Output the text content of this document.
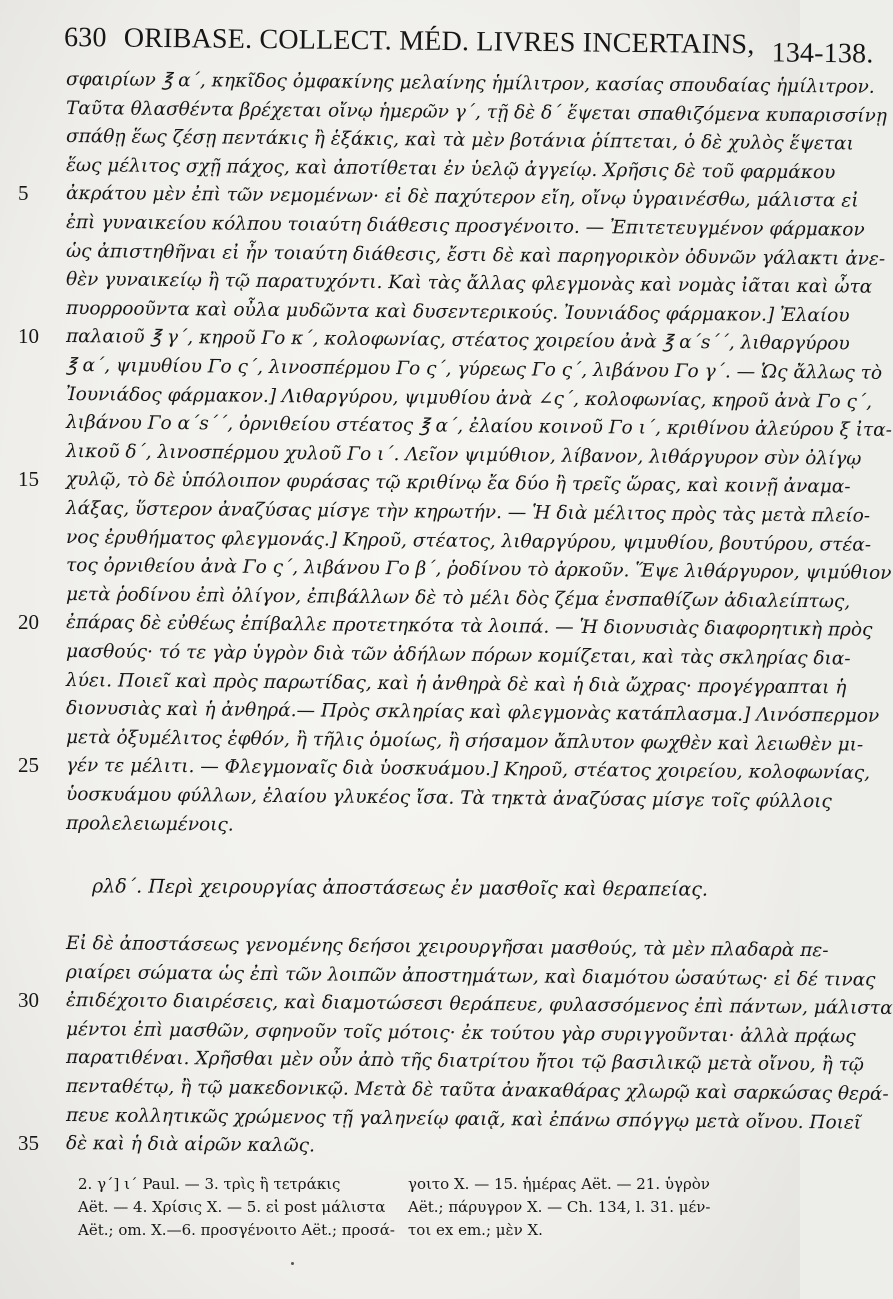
630 ORIBASE. COLLECT. MÉD. LIVRES INCERTAINS, 134-138.
σφαιρίων ℥ α΄, κηκῖδος ὀμφακίνης μελαίνης ἡμίλιτρον, κασίας σπουδαίας ἡμίλιτρον.
Ταῦτα θλασθέντα βρέχεται οἴνῳ ἡμερῶν γ΄, τῇ δὲ δ΄ ἕψεται σπαθιζόμενα κυπαρισσίνῃ
σπάθῃ ἕως ζέσῃ πεντάκις ἢ ἑξάκις, καὶ τὰ μὲν βοτάνια ῥίπτεται, ὁ δὲ χυλὸς ἕψεται
ἕως μέλιτος σχῇ πάχος, καὶ ἀποτίθεται ἐν ὑελῷ ἀγγείῳ. Χρῆσις δὲ τοῦ φαρμάκου
ἀκράτου μὲν ἐπὶ τῶν νεμομένων· εἰ δὲ παχύτερον εἴη, οἴνῳ ὑγραινέσθω, μάλιστα εἰ
5
ἐπὶ γυναικείου κόλπου τοιαύτη διάθεσις προσγένοιτο. — Ἐπιτετευγμένον φάρμακον
ὡς ἀπιστηθῆναι εἰ ἦν τοιαύτη διάθεσις, ἔστι δὲ καὶ παρηγορικὸν ὀδυνῶν γάλακτι ἀνε-
θὲν γυναικείῳ ἢ τῷ παρατυχόντι. Καὶ τὰς ἄλλας φλεγμονὰς καὶ νομὰς ἰᾶται καὶ ὦτα
πυορροοῦντα καὶ οὖλα μυδῶντα καὶ δυσεντερικούς. Ἰουνιάδος φάρμακον.] Ἐλαίου
παλαιοῦ ℥ γ΄, κηροῦ Γο κ΄, κολοφωνίας, στέατος χοιρείου ἀνὰ ℥ α΄s΄΄, λιθαργύρου
10
℥ α΄, ψιμυθίου Γο ς΄, λινοσπέρμου Γο ς΄, γύρεως Γο ς΄, λιβάνου Γο γ΄. — Ὡς ἄλλως τὸ
Ἰουνιάδος φάρμακον.] Λιθαργύρου, ψιμυθίου ἀνὰ ∠ς΄, κολοφωνίας, κηροῦ ἀνὰ Γο ς΄,
λιβάνου Γο α΄s΄΄, ὀρνιθείου στέατος ℥ α΄, ἐλαίου κοινοῦ Γο ι΄, κριθίνου ἀλεύρου ξ ἰτα-
λικοῦ δ΄, λινοσπέρμου χυλοῦ Γο ι΄. Λεῖον ψιμύθιον, λίβανον, λιθάργυρον σὺν ὀλίγῳ
χυλῷ, τὸ δὲ ὑπόλοιπον φυράσας τῷ κριθίνῳ ἔα δύο ἢ τρεῖς ὥρας, καὶ κοινῇ ἀναμα-
15
λάξας, ὕστερον ἀναζύσας μίσγε τὴν κηρωτήν. — Ἡ διὰ μέλιτος πρὸς τὰς μετὰ πλείο-
νος ἐρυθήματος φλεγμονάς.] Κηροῦ, στέατος, λιθαργύρου, ψιμυθίου, βουτύρου, στέα-
τος ὀρνιθείου ἀνὰ Γο ς΄, λιβάνου Γο β΄, ῥοδίνου τὸ ἀρκοῦν. Ἕψε λιθάργυρον, ψιμύθιον
μετὰ ῥοδίνου ἐπὶ ὀλίγον, ἐπιβάλλων δὲ τὸ μέλι δὸς ζέμα ἐνσπαθίζων ἀδιαλείπτως,
ἐπάρας δὲ εὐθέως ἐπίβαλλε προτετηκότα τὰ λοιπά. — Ἡ διονυσιὰς διαφορητικὴ πρὸς
20
μασθούς· τό τε γὰρ ὑγρὸν διὰ τῶν ἀδήλων πόρων κομίζεται, καὶ τὰς σκληρίας δια-
λύει. Ποιεῖ καὶ πρὸς παρωτίδας, καὶ ἡ ἀνθηρὰ δὲ καὶ ἡ διὰ ὤχρας· προγέγραπται ἡ
διονυσιὰς καὶ ἡ ἀνθηρά.— Πρὸς σκληρίας καὶ φλεγμονὰς κατάπλασμα.] Λινόσπερμον
μετὰ ὀξυμέλιτος ἑφθόν, ἢ τῆλις ὁμοίως, ἢ σήσαμον ἄπλυτον φωχθὲν καὶ λειωθὲν μι-
γέν τε μέλιτι. — Φλεγμοναῖς διὰ ὑοσκυάμου.] Κηροῦ, στέατος χοιρείου, κολοφωνίας,
25
ὑοσκυάμου φύλλων, ἐλαίου γλυκέος ἴσα. Τὰ τηκτὰ ἀναζύσας μίσγε τοῖς φύλλοις
προλελειωμένοις.
ρλδ΄. Περὶ χειρουργίας ἀποστάσεως ἐν μασθοῖς καὶ θεραπείας.
Εἰ δὲ ἀποστάσεως γενομένης δεήσοι χειρουργῆσαι μασθούς, τὰ μὲν πλαδαρὰ πε-
ριαίρει σώματα ὡς ἐπὶ τῶν λοιπῶν ἀποστημάτων, καὶ διαμότου ὡσαύτως· εἰ δέ τινας
ἐπιδέχοιτο διαιρέσεις, καὶ διαμοτώσεσι θεράπευε, φυλασσόμενος ἐπὶ πάντων, μάλιστα
30
μέντοι ἐπὶ μασθῶν, σφηνοῦν τοῖς μότοις· ἐκ τούτου γὰρ συριγγοῦνται· ἀλλὰ πρᾴως
παρατιθέναι. Χρῆσθαι μὲν οὖν ἀπὸ τῆς διατρίτου ἤτοι τῷ βασιλικῷ μετὰ οἴνου, ἢ τῷ
πενταθέτῳ, ἢ τῷ μακεδονικῷ. Μετὰ δὲ ταῦτα ἀνακαθάρας χλωρῷ καὶ σαρκώσας θερά-
πευε κολλητικῶς χρώμενος τῇ γαληνείῳ φαιᾷ, καὶ ἐπάνω σπόγγῳ μετὰ οἴνου. Ποιεῖ
δὲ καὶ ἡ διὰ αἱρῶν καλῶς.
35
2. γ΄] ι΄ Paul. — 3. τρὶς ἢ τετράκις	γοιτο X. — 15. ἡμέρας Aët. — 21. ὑγρὸν
Aët. — 4. Χρίσις X. — 5. εἰ post μάλιστα Aët.; πάρυγρον X. — Ch. 134, l. 31. μέν-
Aët.; om. X.—6. προσγένοιτο Aët.; προσά- τοι ex em.; μὲν X.
